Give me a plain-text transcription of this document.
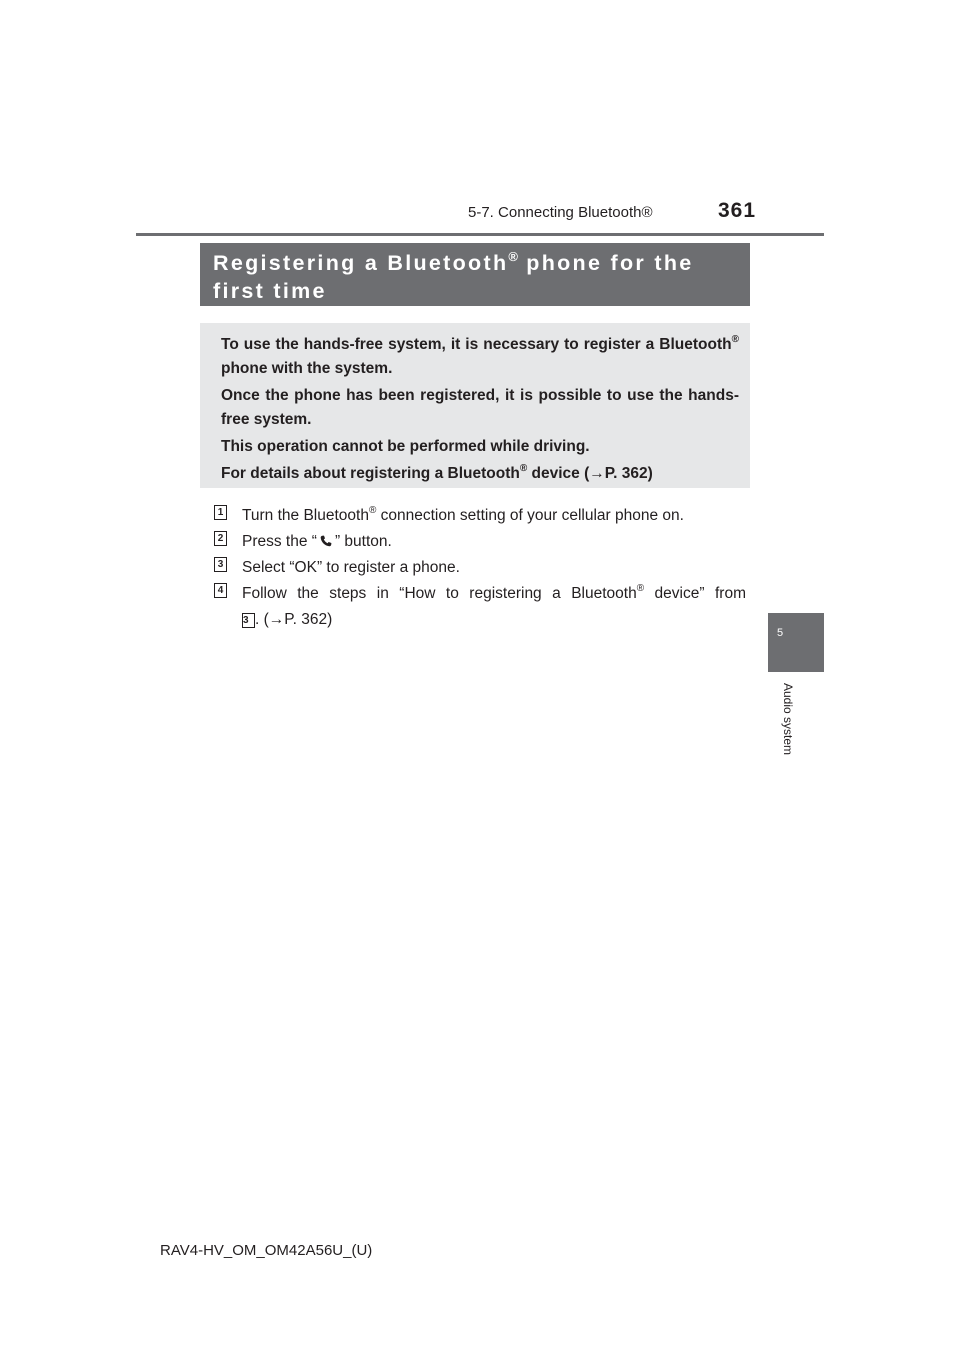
5-7. Connecting Bluetooth®	361
5
Audio system
Registering a Bluetooth® phone for the first time

To use the hands-free system, it is necessary to register a Bluetooth® phone with the system.

Once the phone has been registered, it is possible to use the hands-free system.

This operation cannot be performed while driving.

For details about registering a Bluetooth® device (→P. 362)

1 Turn the Bluetooth® connection setting of your cellular phone on.
2 Press the “ ” button.
3 Select “OK” to register a phone.
4 Follow the steps in “How to registering a Bluetooth® device” from
3 . (→P. 362)
RAV4-HV_OM_OM42A56U_(U)
